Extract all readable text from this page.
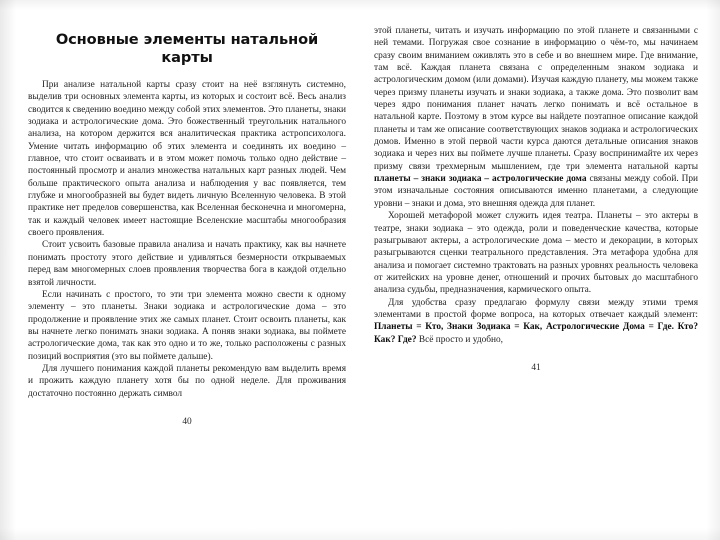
Основные элементы натальной карты

При анализе натальной карты сразу стоит на неё взглянуть системно, выделив три основных элемента карты, из которых и состоит всё. Весь анализ сводится к сведению воедино между собой этих элементов. Это планеты, знаки зодиака и астрологические дома. Это божественный треугольник натального анализа, на котором держится вся аналитическая практика астропсихолога. Умение читать информацию об этих элемента и соединять их воедино – главное, что стоит осваивать и в этом может помочь только одно действие – постоянный просмотр и анализ множества натальных карт разных людей. Чем больше практического опыта анализа и наблюдения у вас появляется, тем глубже и многообразней вы будет видеть личную Вселенную человека. В этой практике нет пределов совершенства, как Вселенная бесконечна и многомерна, так и каждый человек имеет настоящие Вселенские масштабы многообразия своего проявления.

Стоит усвоить базовые правила анализа и начать практику, как вы начнете понимать простоту этого действие и удивляться безмерности открываемых перед вам многомерных слоев проявления творчества бога в каждой отдельно взятой личности.

Если начинать с простого, то эти три элемента можно свести к одному элементу – это планеты. Знаки зодиака и астрологические дома – это продолжение и проявление этих же самых планет. Стоит освоить планеты, как вы начнете легко понимать знаки зодиака. А поняв знаки зодиака, вы поймете астрологические дома, так как это одно и то же, только расположены с разных позиций восприятия (это вы поймете дальше).

Для лучшего понимания каждой планеты рекомендую вам выделить время и прожить каждую планету хотя бы по одной неделе. Для проживания достаточно постоянно держать символ

40

этой планеты, читать и изучать информацию по этой планете и связанными с ней темами. Погружая свое сознание в информацию о чём-то, мы начинаем сразу своим вниманием оживлять это в себе и во внешнем мире. Где внимание, там всё. Каждая планета связана с определенным знаком зодиака и астрологическим домом (или домами). Изучая каждую планету, мы можем также через призму планеты изучать и знаки зодиака, а также дома. Это позволит вам через ядро понимания планет начать легко понимать и всё остальное в натальной карте. Поэтому в этом курсе вы найдете поэтапное описание каждой планеты и там же описание соответствующих знаков зодиака и астрологических домов. Именно в этой первой части курса даются детальные описания знаков зодиака и через них вы поймете лучше планеты. Сразу воспринимайте их через призму связи трехмерным мышлением, где три элемента натальной карты планеты – знаки зодиака – астрологические дома связаны между собой. При этом изначальные состояния описываются именно планетами, а следующие уровни – знаки и дома, это внешняя одежда для планет.

Хорошей метафорой может служить идея театра. Планеты – это актеры в театре, знаки зодиака – это одежда, роли и поведенческие качества, которые разыгрывают актеры, а астрологические дома – место и декорации, в которых разыгрываются сценки театрального представления. Эта метафора удобна для анализа и помогает системно трактовать на разных уровнях реальность человека от житейских на уровне денег, отношений и прочих бытовых до масштабного анализа судьбы, предназначения, кармического опыта.

Для удобства сразу предлагаю формулу связи между этими тремя элементами в простой форме вопроса, на которых отвечает каждый элемент: Планеты = Кто, Знаки Зодиака = Как, Астрологические Дома = Где. Кто? Как? Где? Всё просто и удобно,

41
